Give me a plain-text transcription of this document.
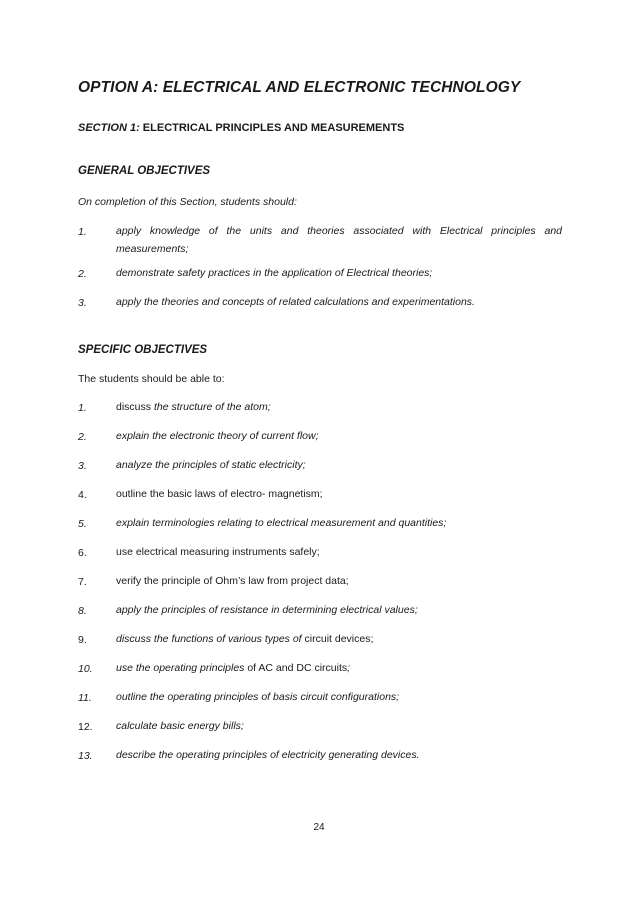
OPTION A: ELECTRICAL AND ELECTRONIC TECHNOLOGY
SECTION 1: ELECTRICAL PRINCIPLES AND MEASUREMENTS
GENERAL OBJECTIVES
On completion of this Section, students should:
1.	apply knowledge of the units and theories associated with Electrical principles and measurements;
2.	demonstrate safety practices in the application of Electrical theories;
3.	apply the theories and concepts of related calculations and experimentations.
SPECIFIC OBJECTIVES
The students should be able to:
1.	discuss the structure of the atom;
2.	explain the electronic theory of current flow;
3.	analyze the principles of static electricity;
4.	outline the basic laws of electro- magnetism;
5.	explain terminologies relating to electrical measurement and quantities;
6.	use electrical measuring instruments safely;
7.	verify the principle of Ohm’s law from project data;
8.	apply the principles of resistance in determining electrical values;
9.	discuss the functions of various types of circuit devices;
10. use the operating principles of AC and DC circuits;
11. outline the operating principles of basis circuit configurations;
12. calculate basic energy bills;
13. describe the operating principles of electricity generating devices.
24
